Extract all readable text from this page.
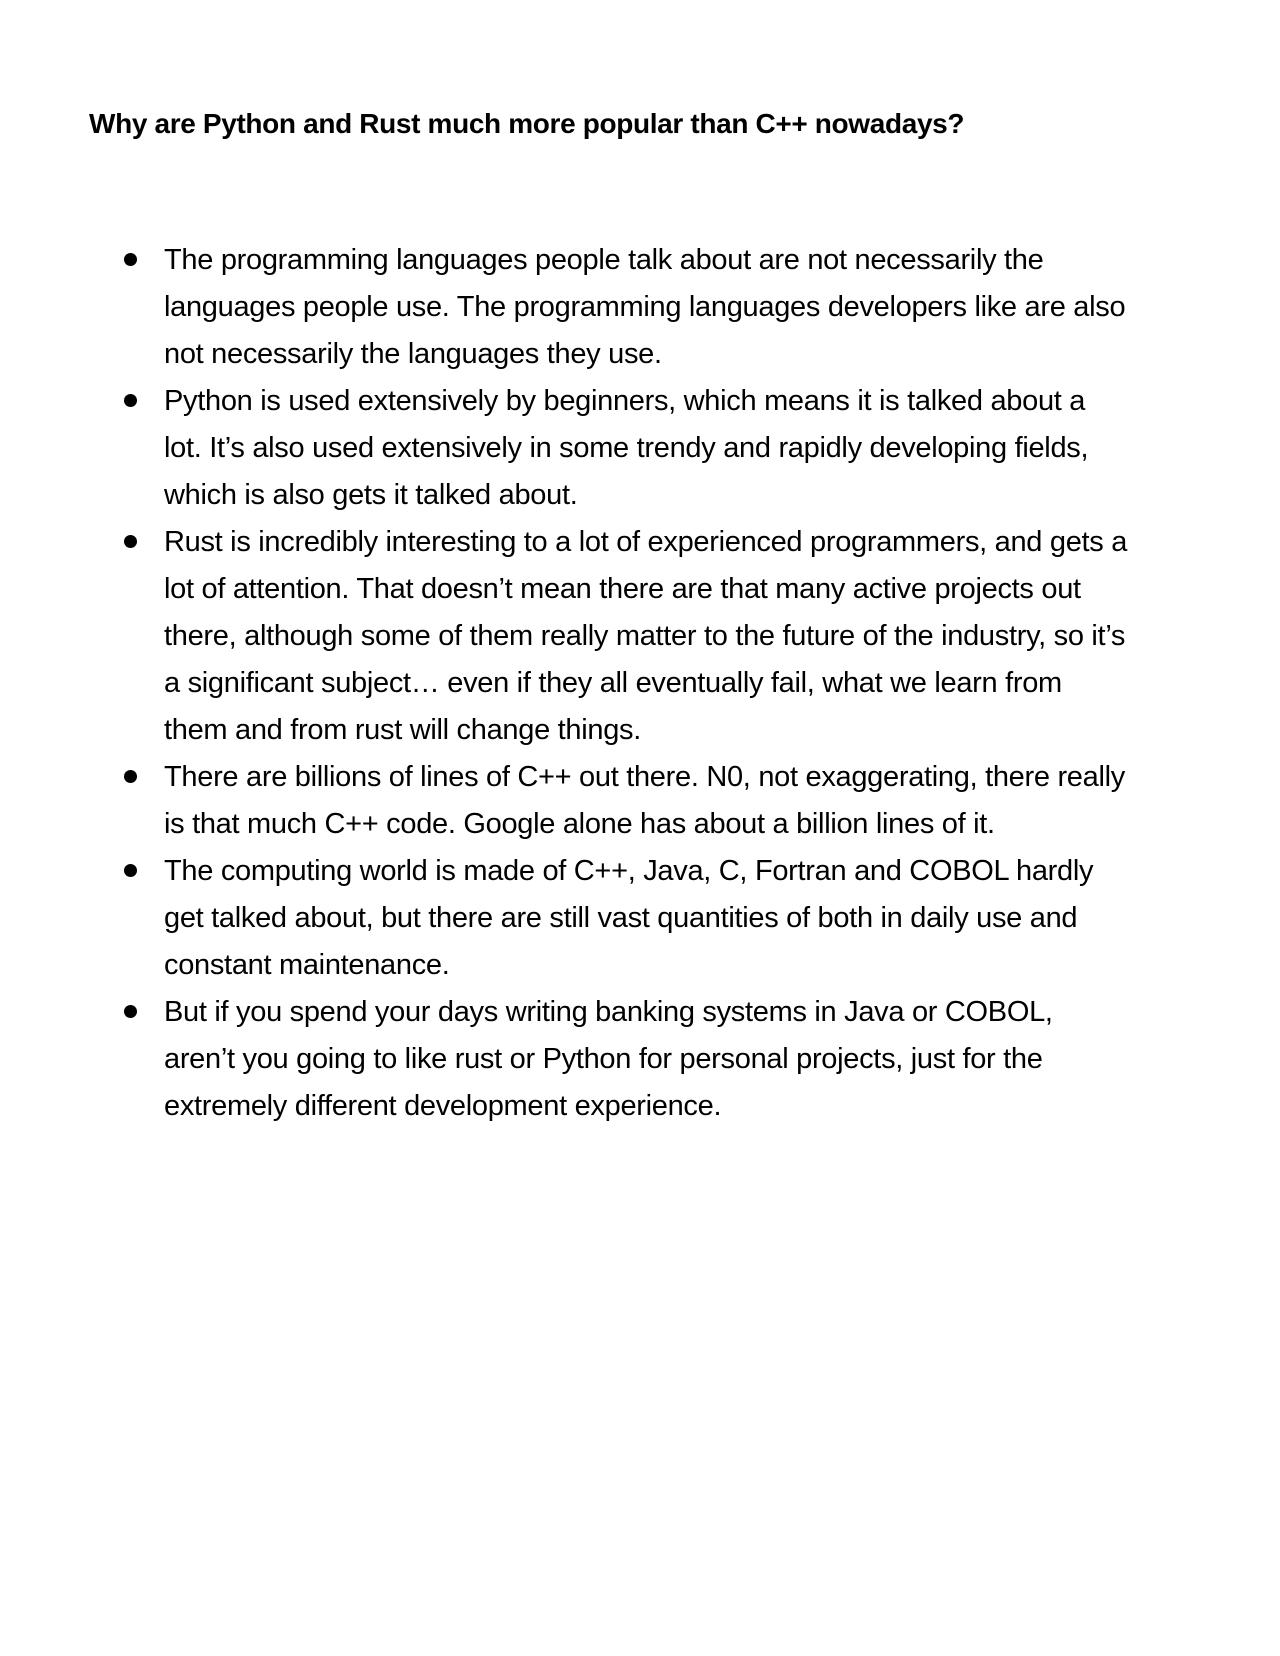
Why are Python and Rust much more popular than C++ nowadays?
The programming languages people talk about are not necessarily the languages people use. The programming languages developers like are also not necessarily the languages they use.
Python is used extensively by beginners, which means it is talked about a lot. It’s also used extensively in some trendy and rapidly developing fields, which is also gets it talked about.
Rust is incredibly interesting to a lot of experienced programmers, and gets a lot of attention. That doesn’t mean there are that many active projects out there, although some of them really matter to the future of the industry, so it’s a significant subject… even if they all eventually fail, what we learn from them and from rust will change things.
There are billions of lines of C++ out there. N0, not exaggerating, there really is that much C++ code. Google alone has about a billion lines of it.
The computing world is made of C++, Java, C, Fortran and COBOL hardly get talked about, but there are still vast quantities of both in daily use and constant maintenance.
But if you spend your days writing banking systems in Java or COBOL, aren’t you going to like rust or Python for personal projects, just for the extremely different development experience.
